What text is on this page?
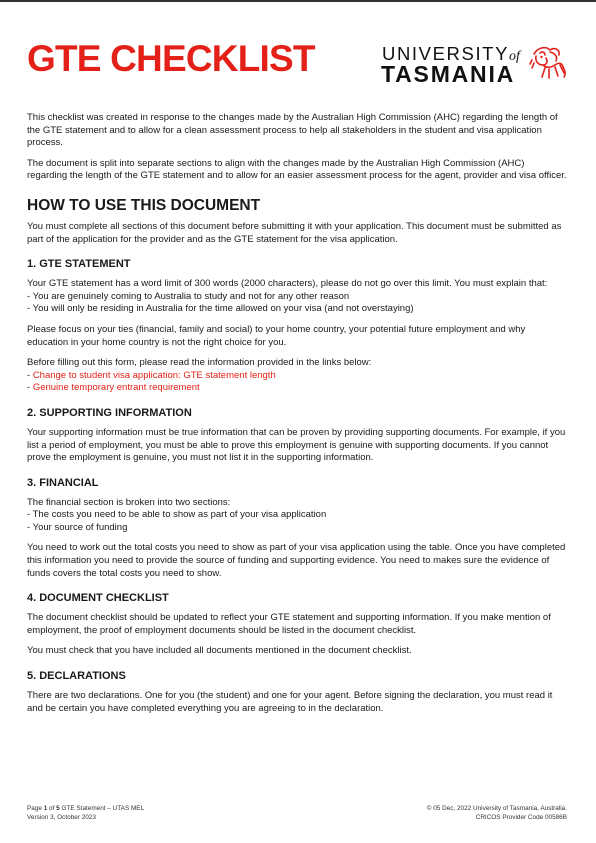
GTE CHECKLIST	UNIVERSITYof
TASMANIA

This checklist was created in response to the changes made by the Australian High Commission (AHC) regarding the length of the GTE statement and to allow for a clean assessment process to help all stakeholders in the student and visa application process.

The document is split into separate sections to align with the changes made by the Australian High Commission (AHC) regarding the length of the GTE statement and to allow for an easier assessment process for the agent, provider and visa officer.

HOW TO USE THIS DOCUMENT

You must complete all sections of this document before submitting it with your application. This document must be submitted as part of the application for the provider and as the GTE statement for the visa application.

1. GTE STATEMENT

Your GTE statement has a word limit of 300 words (2000 characters), please do not go over this limit. You must explain that:
- You are genuinely coming to Australia to study and not for any other reason
- You will only be residing in Australia for the time allowed on your visa (and not overstaying)

Please focus on your ties (financial, family and social) to your home country, your potential future employment and why education in your home country is not the right choice for you.

Before filling out this form, please read the information provided in the links below:
- Change to student visa application: GTE statement length
- Genuine temporary entrant requirement

2. SUPPORTING INFORMATION

Your supporting information must be true information that can be proven by providing supporting documents. For example, if you list a period of employment, you must be able to prove this employment is genuine with supporting documents. If you cannot prove the employment is genuine, you must not list it in the supporting information.

3. FINANCIAL

The financial section is broken into two sections:
- The costs you need to be able to show as part of your visa application
- Your source of funding

You need to work out the total costs you need to show as part of your visa application using the table. Once you have completed this information you need to provide the source of funding and supporting evidence. You need to makes sure the evidence of funds covers the total costs you need to show.

4. DOCUMENT CHECKLIST

The document checklist should be updated to reflect your GTE statement and supporting information. If you make mention of employment, the proof of employment documents should be listed in the document checklist.

You must check that you have included all documents mentioned in the document checklist.

5. DECLARATIONS

There are two declarations. One for you (the student) and one for your agent. Before signing the declaration, you must read it and be certain you have completed everything you are agreeing to in the declaration.

Page 1 of 5 GTE Statement – UTAS MEL
Version 3, October 2023
© 05 Dec, 2022 University of Tasmania, Australia.
CRICOS Provider Code 00586B
